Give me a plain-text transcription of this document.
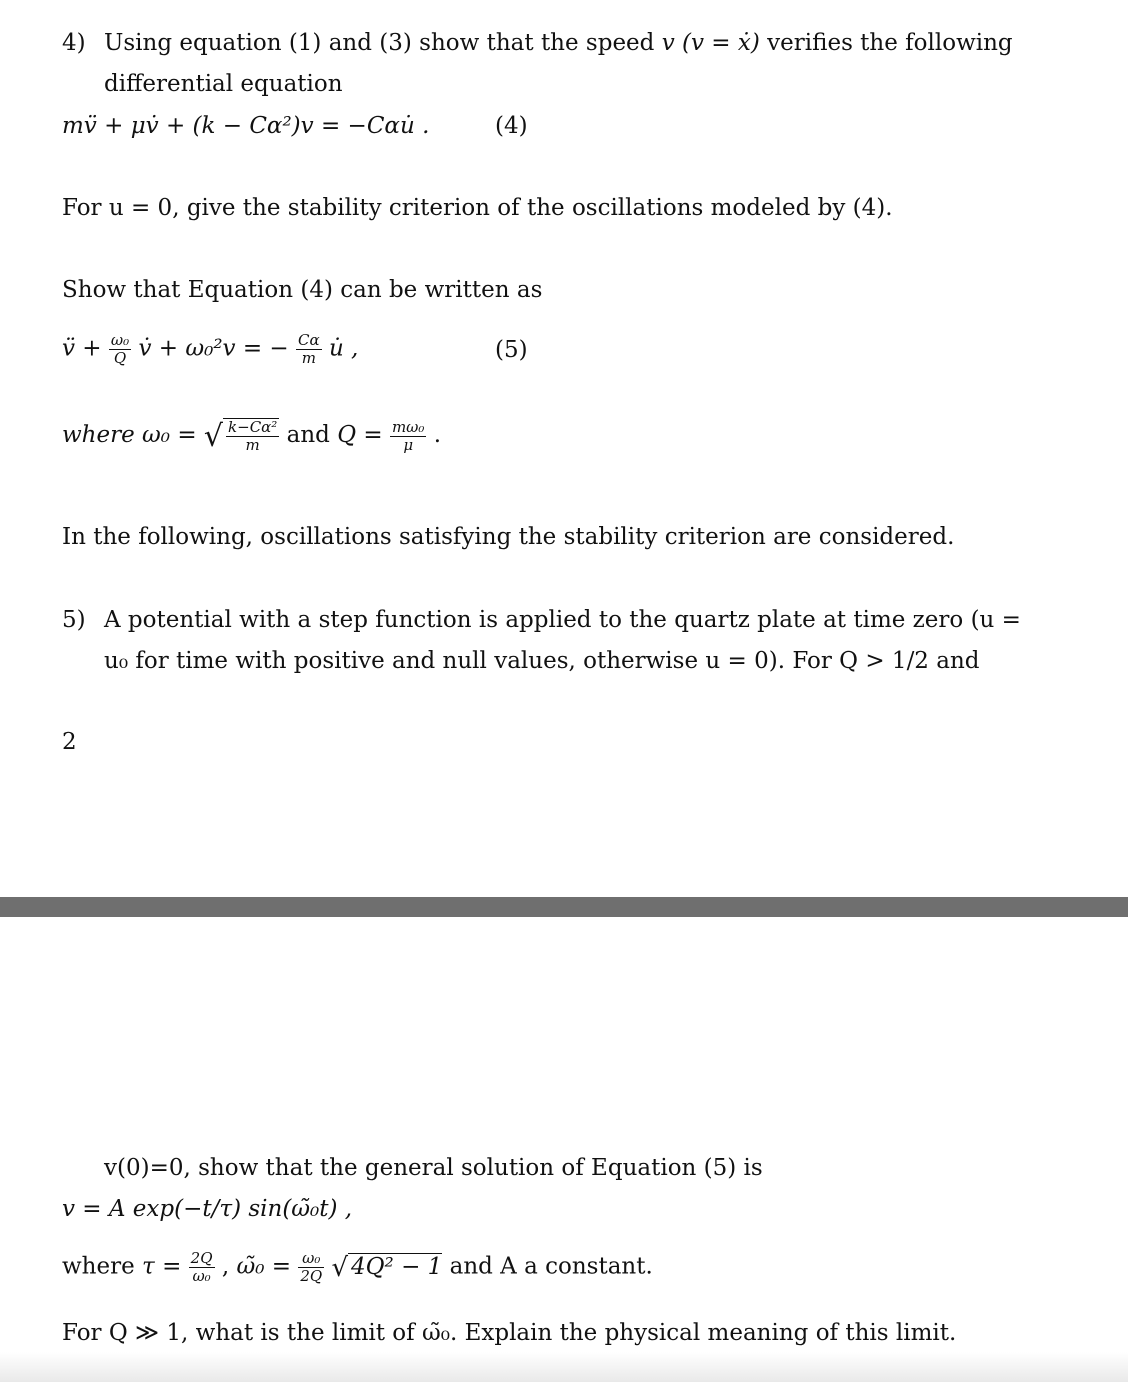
4) Using equation (1) and (3) show that the speed v (v = ẋ) verifies the following
differential equation
mv̈ + μv̇ + (k − Cα²)v = −Cαu̇ .	(4)
For u = 0, give the stability criterion of the oscillations modeled by (4).
Show that Equation (4) can be written as
v̈ + $\frac{\text{ω₀}}{Q}$ v̇ + ω₀²v = − $\frac{C\alpha}{m}$ u̇ ,	(5)
where ω₀ = √ $\frac{\text{k−Cα²}}{m}$ and $Q = \frac{\text{mω₀}}{\mu}$ .
In the following, oscillations satisfying the stability criterion are considered.
5) A potential with a step function is applied to the quartz plate at time zero (u =
u₀ for time with positive and null values, otherwise u = 0). For Q > 1/2 and
2
v(0)=0, show that the general solution of Equation (5) is
v = A exp(−t/τ) sin(ω̃₀t) ,
where $\tau = \frac{2Q}{\text{ω₀}}$ , ω̃₀ = $\frac{\text{ω₀}}{2Q}$ √ 4Q² − 1 and A a constant.
For Q ≫ 1, what is the limit of ω̃₀. Explain the physical meaning of this limit.
